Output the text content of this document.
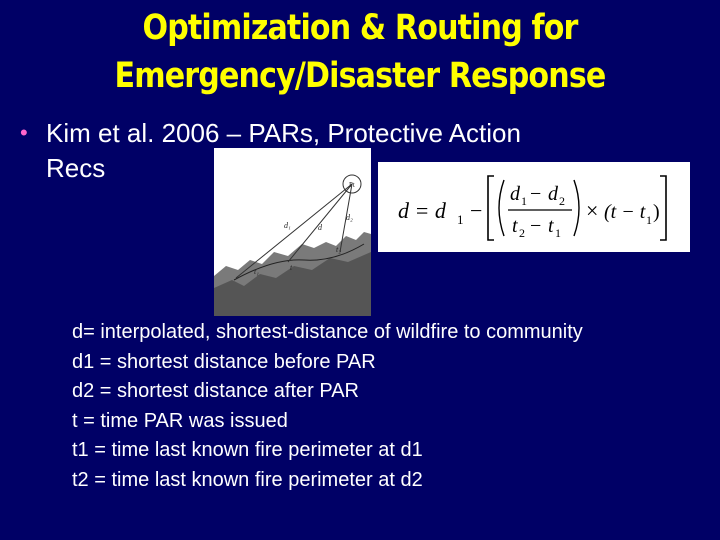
Optimization & Routing for
Emergency/Disaster Response
• Kim et al. 2006 – PARs, Protective Action
Recs
Pt
d₁	d
d₂
t₁	t
t₂
d = d 1 −
d 1 − d 2
t 2 − t 1
× (t − t 1 )
d= interpolated, shortest-distance of wildfire to community
d1 = shortest distance before PAR
d2 = shortest distance after PAR
t = time PAR was issued
t1 = time last known fire perimeter at d1
t2 = time last known fire perimeter at d2
